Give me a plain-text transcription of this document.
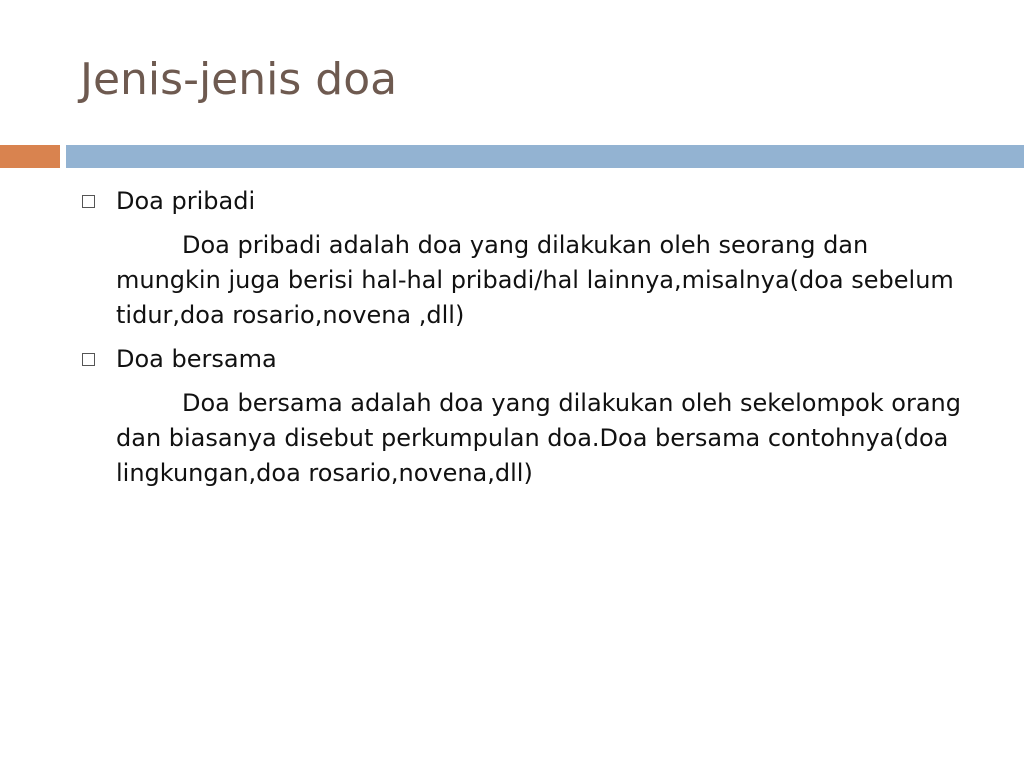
Jenis-jenis doa
Doa pribadi
Doa pribadi adalah doa yang dilakukan oleh seorang dan mungkin juga berisi hal-hal pribadi/hal lainnya,misalnya(doa sebelum tidur,doa rosario,novena ,dll)
Doa bersama
Doa bersama adalah doa yang dilakukan oleh sekelompok orang dan biasanya disebut perkumpulan doa.Doa bersama contohnya(doa lingkungan,doa rosario,novena,dll)
